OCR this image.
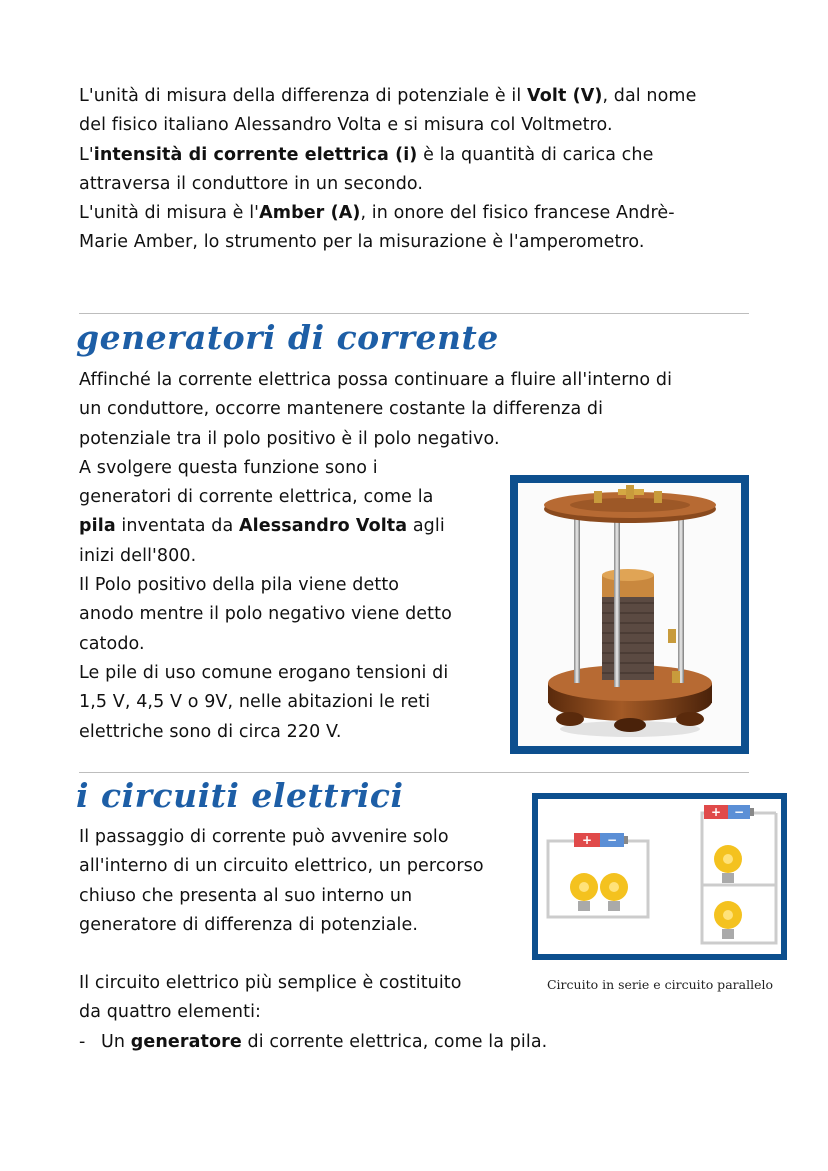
L'unità di misura della differenza di potenziale è il Volt (V), dal nome
del fisico italiano Alessandro Volta e si misura col Voltmetro.
L'intensità di corrente elettrica (i) è la quantità di carica che
attraversa il conduttore in un secondo.
L'unità di misura è l'Amber (A), in onore del fisico francese Andrè-
Marie Amber, lo strumento per la misurazione è l'amperometro.

generatori di corrente

Affinché la corrente elettrica possa continuare a fluire all'interno di
un conduttore, occorre mantenere costante la differenza di
potenziale tra il polo positivo è il polo negativo.
A svolgere questa funzione sono i
generatori di corrente elettrica, come la
pila inventata da Alessandro Volta agli
inizi dell'800.
Il Polo positivo della pila viene detto
anodo mentre il polo negativo viene detto
catodo.
Le pile di uso comune erogano tensioni di
1,5 V, 4,5 V o 9V, nelle abitazioni le reti
elettriche sono di circa 220 V.

i circuiti elettrici

Il passaggio di corrente può avvenire solo
all'interno di un circuito elettrico, un percorso
chiuso che presenta al suo interno un
generatore di differenza di potenziale.

+ −
+ −
Circuito in serie e circuito parallelo
Il circuito elettrico più semplice è costituito
da quattro elementi:
- Un generatore di corrente elettrica, come la pila.
